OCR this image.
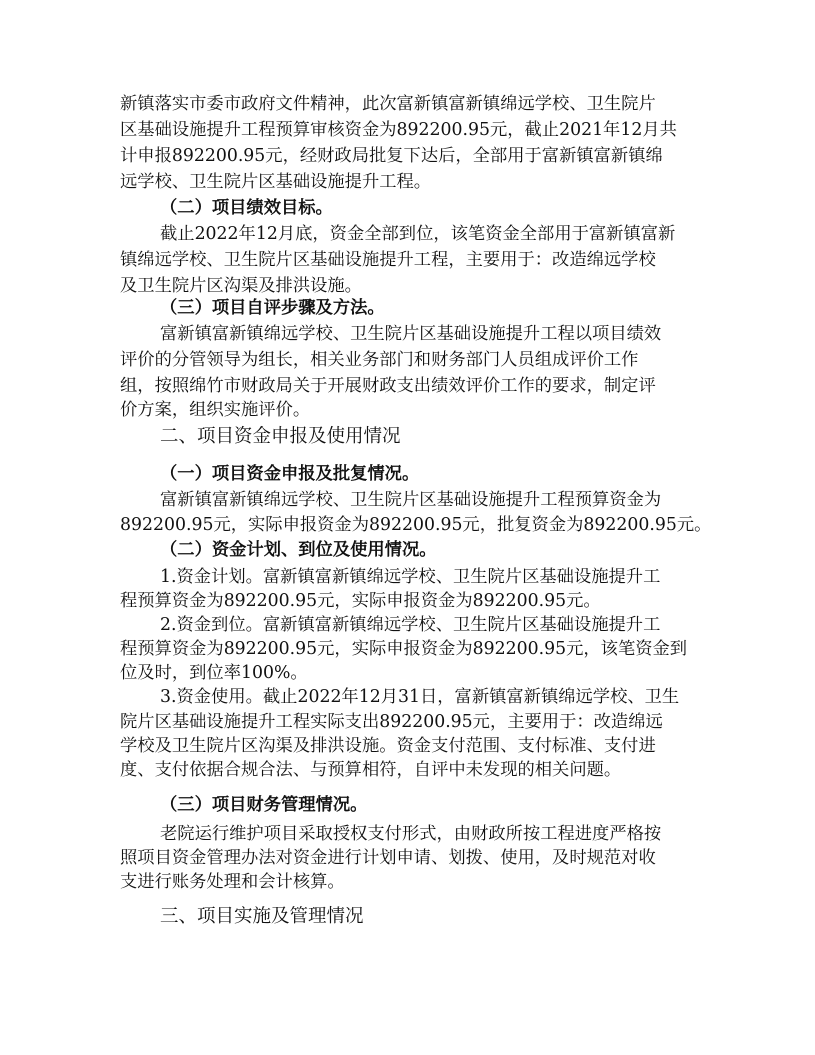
新镇落实市委市政府文件精神，此次富新镇富新镇绵远学校、卫生院片
区基础设施提升工程预算审核资金为892200.95元，截止2021年12月共
计申报892200.95元，经财政局批复下达后，全部用于富新镇富新镇绵
远学校、卫生院片区基础设施提升工程。
（二）项目绩效目标。
截止2022年12月底，资金全部到位，该笔资金全部用于富新镇富新
镇绵远学校、卫生院片区基础设施提升工程，主要用于：改造绵远学校
及卫生院片区沟渠及排洪设施。
（三）项目自评步骤及方法。
富新镇富新镇绵远学校、卫生院片区基础设施提升工程以项目绩效
评价的分管领导为组长，相关业务部门和财务部门人员组成评价工作
组，按照绵竹市财政局关于开展财政支出绩效评价工作的要求，制定评
价方案，组织实施评价。
二、项目资金申报及使用情况
（一）项目资金申报及批复情况。
富新镇富新镇绵远学校、卫生院片区基础设施提升工程预算资金为
892200.95元，实际申报资金为892200.95元，批复资金为892200.95元。
（二）资金计划、到位及使用情况。
1.资金计划。富新镇富新镇绵远学校、卫生院片区基础设施提升工
程预算资金为892200.95元，实际申报资金为892200.95元。
2.资金到位。富新镇富新镇绵远学校、卫生院片区基础设施提升工
程预算资金为892200.95元，实际申报资金为892200.95元，该笔资金到
位及时，到位率100%。
3.资金使用。截止2022年12月31日，富新镇富新镇绵远学校、卫生
院片区基础设施提升工程实际支出892200.95元，主要用于：改造绵远
学校及卫生院片区沟渠及排洪设施。资金支付范围、支付标准、支付进
度、支付依据合规合法、与预算相符，自评中未发现的相关问题。
（三）项目财务管理情况。
老院运行维护项目采取授权支付形式，由财政所按工程进度严格按
照项目资金管理办法对资金进行计划申请、划拨、使用，及时规范对收
支进行账务处理和会计核算。
三、项目实施及管理情况
